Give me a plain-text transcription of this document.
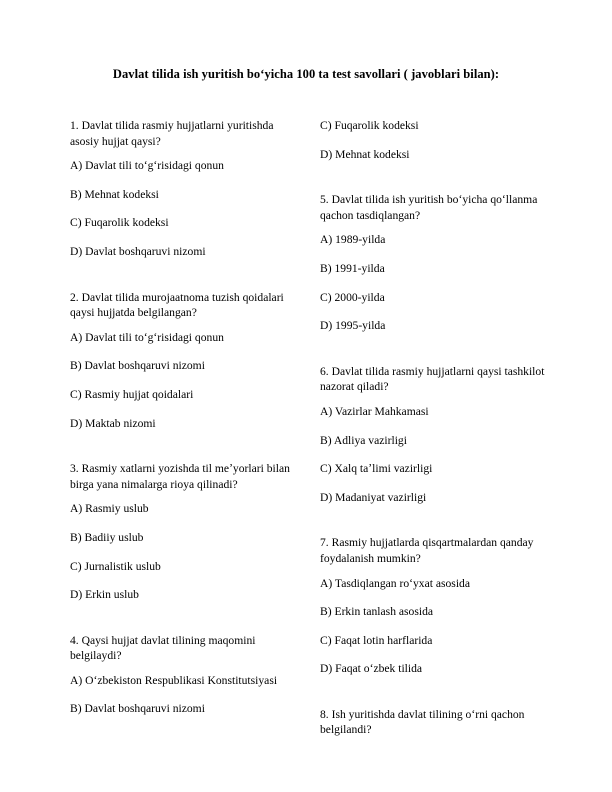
Davlat tilida ish yuritish boʻyicha 100 ta test savollari ( javoblari bilan):

1. Davlat tilida rasmiy hujjatlarni yuritishda asosiy hujjat qaysi?

A) Davlat tili toʻgʻrisidagi qonun

B) Mehnat kodeksi

C) Fuqarolik kodeksi

D) Davlat boshqaruvi nizomi

2. Davlat tilida murojaatnoma tuzish qoidalari qaysi hujjatda belgilangan?

A) Davlat tili toʻgʻrisidagi qonun

B) Davlat boshqaruvi nizomi

C) Rasmiy hujjat qoidalari

D) Maktab nizomi

3. Rasmiy xatlarni yozishda til meʼyorlari bilan birga yana nimalarga rioya qilinadi?

A) Rasmiy uslub

B) Badiiy uslub

C) Jurnalistik uslub

D) Erkin uslub

4. Qaysi hujjat davlat tilining maqomini belgilaydi?

A) Oʻzbekiston Respublikasi Konstitutsiyasi

B) Davlat boshqaruvi nizomi

C) Fuqarolik kodeksi

D) Mehnat kodeksi

5. Davlat tilida ish yuritish boʻyicha qoʻllanma qachon tasdiqlangan?

A) 1989-yilda

B) 1991-yilda

C) 2000-yilda

D) 1995-yilda

6. Davlat tilida rasmiy hujjatlarni qaysi tashkilot nazorat qiladi?

A) Vazirlar Mahkamasi

B) Adliya vazirligi

C) Xalq taʼlimi vazirligi

D) Madaniyat vazirligi

7. Rasmiy hujjatlarda qisqartmalardan qanday foydalanish mumkin?

A) Tasdiqlangan roʻyxat asosida

B) Erkin tanlash asosida

C) Faqat lotin harflarida

D) Faqat oʻzbek tilida

8. Ish yuritishda davlat tilining oʻrni qachon belgilandi?
